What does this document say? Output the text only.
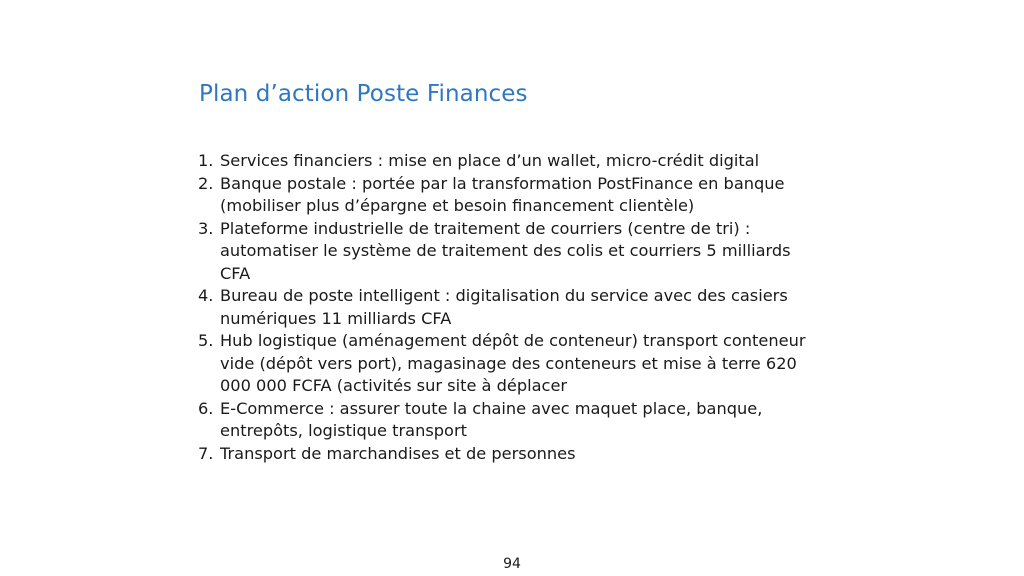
Plan d’action Poste Finances
1. Services financiers : mise en place d’un wallet, micro-crédit digital
2. Banque postale : portée par la transformation PostFinance en banque (mobiliser plus d’épargne et besoin financement clientèle)
3. Plateforme industrielle de traitement de courriers (centre de tri) : automatiser le système de traitement des colis et courriers 5 milliards CFA
4. Bureau de poste intelligent : digitalisation du service avec des casiers numériques 11 milliards CFA
5. Hub logistique (aménagement dépôt de conteneur) transport conteneur vide (dépôt vers port), magasinage des conteneurs et mise à terre 620 000 000 FCFA (activités sur site à déplacer
6. E-Commerce : assurer toute la chaine avec maquet place, banque, entrepôts, logistique transport
7. Transport de marchandises et de personnes
94
